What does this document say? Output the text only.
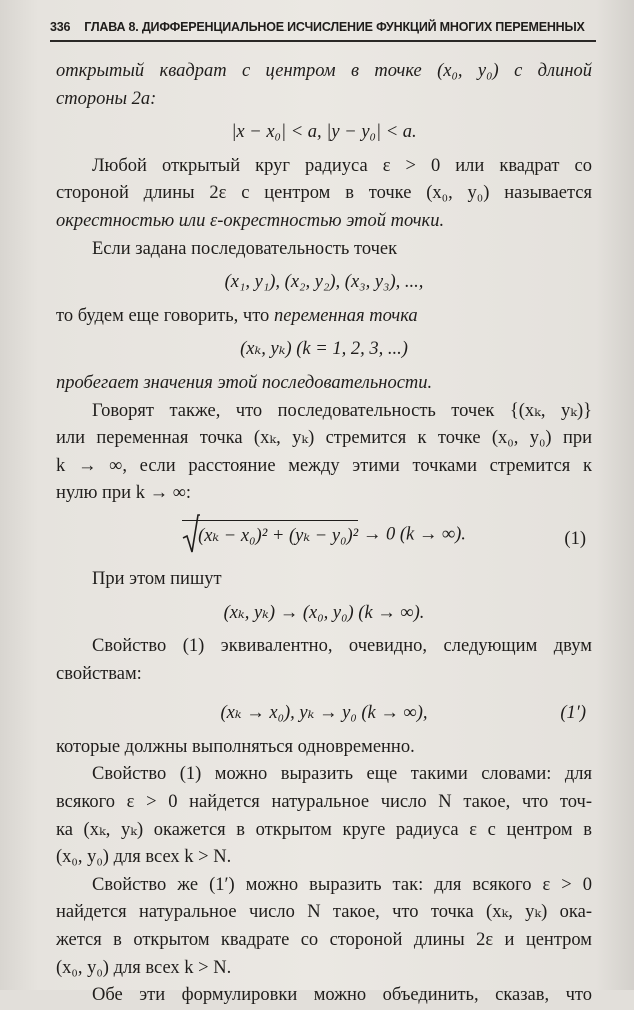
336 ГЛАВА 8. ДИФФЕРЕНЦИАЛЬНОЕ ИСЧИСЛЕНИЕ ФУНКЦИЙ МНОГИХ ПЕРЕМЕННЫХ
открытый квадрат с центром в точке (x₀, y₀) с длиной
стороны 2a:
|x − x₀| < a, |y − y₀| < a.
Любой открытый круг радиуса ε > 0 или квадрат со
стороной длины 2ε с центром в точке (x₀, y₀) называется
окрестностью или ε-окрестностью этой точки.
Если задана последовательность точек
(x₁, y₁), (x₂, y₂), (x₃, y₃), ...,
то будем еще говорить, что переменная точка
(xₖ, yₖ) (k = 1, 2, 3, ...)
пробегает значения этой последовательности.
Говорят также, что последовательность точек {(xₖ, yₖ)}
или переменная точка (xₖ, yₖ) стремится к точке (x₀, y₀) при
k → ∞, если расстояние между этими точками стремится к
нулю при k → ∞:
(xₖ − x₀)² + (yₖ − y₀)² → 0 (k → ∞).	(1)
При этом пишут
(xₖ, yₖ) → (x₀, y₀) (k → ∞).
Свойство (1) эквивалентно, очевидно, следующим двум
свойствам:
(xₖ → x₀), yₖ → y₀ (k → ∞),	(1′)
которые должны выполняться одновременно.
Свойство (1) можно выразить еще такими словами: для
всякого ε > 0 найдется натуральное число N такое, что точ-
ка (xₖ, yₖ) окажется в открытом круге радиуса ε с центром в
(x₀, y₀) для всех k > N.
Свойство же (1′) можно выразить так: для всякого ε > 0
найдется натуральное число N такое, что точка (xₖ, yₖ) ока-
жется в открытом квадрате со стороной длины 2ε и центром
(x₀, y₀) для всех k > N.
Обе эти формулировки можно объединить, сказав, что
